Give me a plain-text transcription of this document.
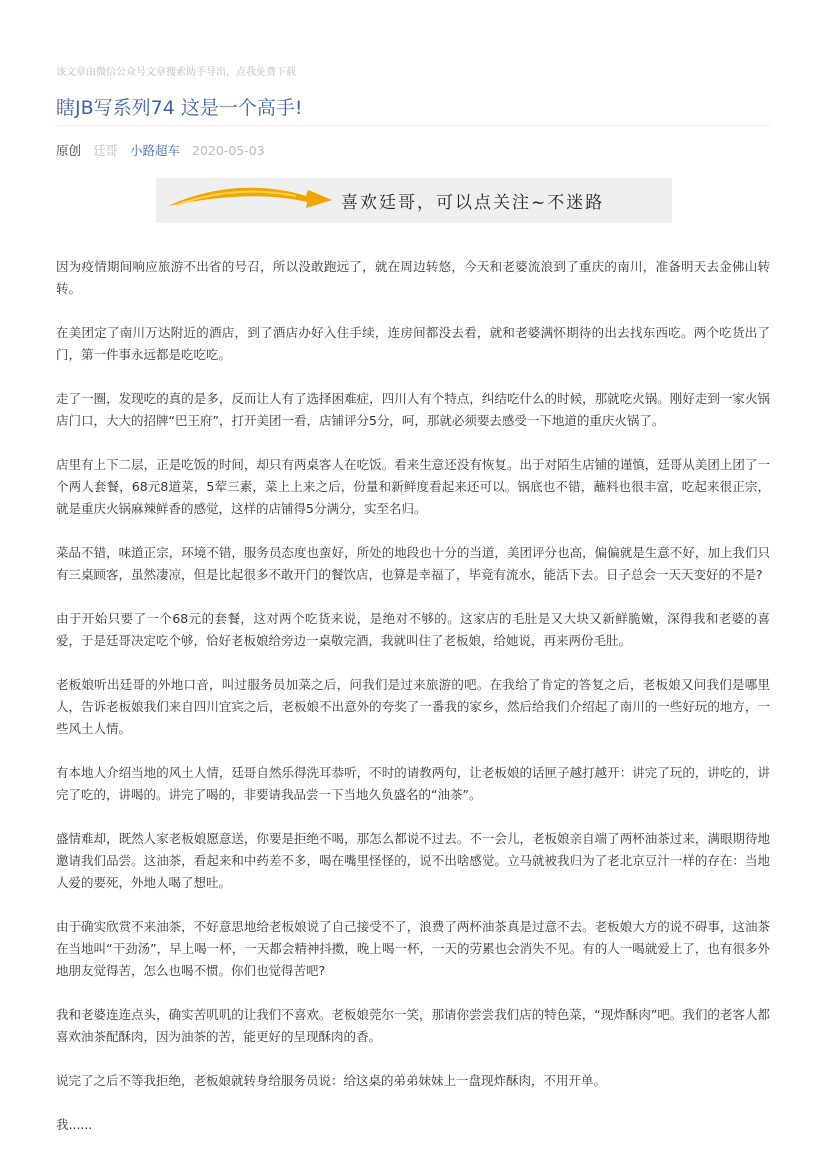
该文章由微信公众号文章搜索助手导出，点我免费下载
瞎JB写系列74 这是一个高手!
原创 廷哥 小路超车 2020-05-03
喜欢廷哥，可以点关注~不迷路

因为疫情期间响应旅游不出省的号召，所以没敢跑远了，就在周边转悠，今天和老婆流浪到了重庆的南川，准备明天去金佛山转转。

在美团定了南川万达附近的酒店，到了酒店办好入住手续，连房间都没去看，就和老婆满怀期待的出去找东西吃。两个吃货出了门，第一件事永远都是吃吃吃。

走了一圈，发现吃的真的是多，反而让人有了选择困难症，四川人有个特点，纠结吃什么的时候，那就吃火锅。刚好走到一家火锅店门口，大大的招牌“巴王府”，打开美团一看，店铺评分5分，呵，那就必须要去感受一下地道的重庆火锅了。

店里有上下二层，正是吃饭的时间，却只有两桌客人在吃饭。看来生意还没有恢复。出于对陌生店铺的谨慎，廷哥从美团上团了一个两人套餐，68元8道菜，5荤三素，菜上上来之后，份量和新鲜度看起来还可以。锅底也不错，蘸料也很丰富，吃起来很正宗，就是重庆火锅麻辣鲜香的感觉，这样的店铺得5分满分，实至名归。

菜品不错，味道正宗，环境不错，服务员态度也蛮好，所处的地段也十分的当道，美团评分也高，偏偏就是生意不好，加上我们只有三桌顾客，虽然凄凉，但是比起很多不敢开门的餐饮店，也算是幸福了，毕竟有流水，能活下去。日子总会一天天变好的不是?

由于开始只要了一个68元的套餐，这对两个吃货来说，是绝对不够的。这家店的毛肚是又大块又新鲜脆嫩，深得我和老婆的喜爱，于是廷哥决定吃个够，恰好老板娘给旁边一桌敬完酒，我就叫住了老板娘，给她说，再来两份毛肚。

老板娘听出廷哥的外地口音，叫过服务员加菜之后，问我们是过来旅游的吧。在我给了肯定的答复之后，老板娘又问我们是哪里人，告诉老板娘我们来自四川宜宾之后，老板娘不出意外的夸奖了一番我的家乡，然后给我们介绍起了南川的一些好玩的地方，一些风土人情。

有本地人介绍当地的风土人情，廷哥自然乐得洗耳恭听，不时的请教两句，让老板娘的话匣子越打越开：讲完了玩的，讲吃的，讲完了吃的，讲喝的。讲完了喝的，非要请我品尝一下当地久负盛名的“油茶”。

盛情难却，既然人家老板娘愿意送，你要是拒绝不喝，那怎么都说不过去。不一会儿，老板娘亲自端了两杯油茶过来，满眼期待地邀请我们品尝。这油茶，看起来和中药差不多，喝在嘴里怪怪的，说不出啥感觉。立马就被我归为了老北京豆汁一样的存在：当地人爱的要死，外地人喝了想吐。

由于确实欣赏不来油茶，不好意思地给老板娘说了自己接受不了，浪费了两杯油茶真是过意不去。老板娘大方的说不碍事，这油茶在当地叫“干劲汤”，早上喝一杯，一天都会精神抖擞，晚上喝一杯，一天的劳累也会消失不见。有的人一喝就爱上了，也有很多外地朋友觉得苦，怎么也喝不惯。你们也觉得苦吧?

我和老婆连连点头，确实苦叽叽的让我们不喜欢。老板娘莞尔一笑，那请你尝尝我们店的特色菜，“现炸酥肉”吧。我们的老客人都喜欢油茶配酥肉，因为油茶的苦，能更好的呈现酥肉的香。

说完了之后不等我拒绝，老板娘就转身给服务员说：给这桌的弟弟妹妹上一盘现炸酥肉，不用开单。

我......
